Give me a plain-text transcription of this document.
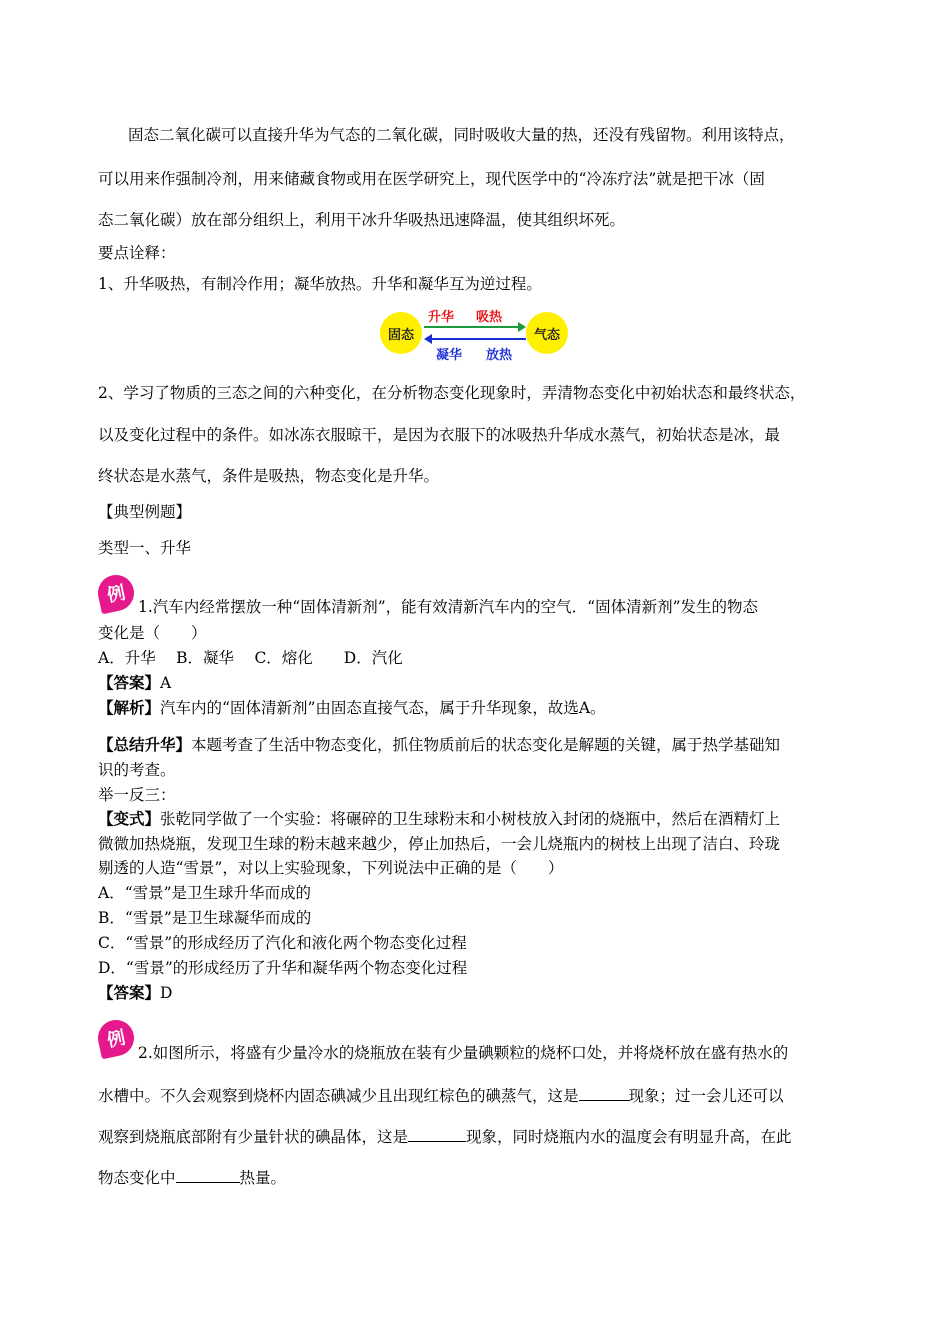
固态二氧化碳可以直接升华为气态的二氧化碳，同时吸收大量的热，还没有残留物。利用该特点，
可以用来作强制冷剂，用来储藏食物或用在医学研究上，现代医学中的“冷冻疗法”就是把干冰（固
态二氧化碳）放在部分组织上，利用干冰升华吸热迅速降温，使其组织坏死。
要点诠释：
1、升华吸热，有制冷作用；凝华放热。升华和凝华互为逆过程。
固态	气态
升华 吸热
凝华 放热
2、学习了物质的三态之间的六种变化，在分析物态变化现象时，弄清物态变化中初始状态和最终状态，
以及变化过程中的条件。如冰冻衣服晾干，是因为衣服下的冰吸热升华成水蒸气，初始状态是冰，最
终状态是水蒸气，条件是吸热，物态变化是升华。
【典型例题】
类型一、升华
例
1.汽车内经常摆放一种“固体清新剂”，能有效清新汽车内的空气．“固体清新剂”发生的物态
变化是（　　）
A．升华　 B．凝华　 C．熔化　　D．汽化
【答案】A
【解析】汽车内的“固体清新剂”由固态直接气态，属于升华现象，故选A。
【总结升华】本题考查了生活中物态变化，抓住物质前后的状态变化是解题的关键，属于热学基础知
识的考查。
举一反三：
【变式】张乾同学做了一个实验：将碾碎的卫生球粉末和小树枝放入封闭的烧瓶中，然后在酒精灯上
微微加热烧瓶，发现卫生球的粉末越来越少，停止加热后，一会儿烧瓶内的树枝上出现了洁白、玲珑
剔透的人造“雪景”，对以上实验现象，下列说法中正确的是（　　）
A．“雪景”是卫生球升华而成的
B．“雪景”是卫生球凝华而成的
C．“雪景”的形成经历了汽化和液化两个物态变化过程
D．“雪景”的形成经历了升华和凝华两个物态变化过程
【答案】D
例
2.如图所示，将盛有少量冷水的烧瓶放在装有少量碘颗粒的烧杯口处，并将烧杯放在盛有热水的
水槽中。不久会观察到烧杯内固态碘减少且出现红棕色的碘蒸气，这是	现象；过一会儿还可以
观察到烧瓶底部附有少量针状的碘晶体，这是	现象，同时烧瓶内水的温度会有明显升高，在此
物态变化中	热量。
